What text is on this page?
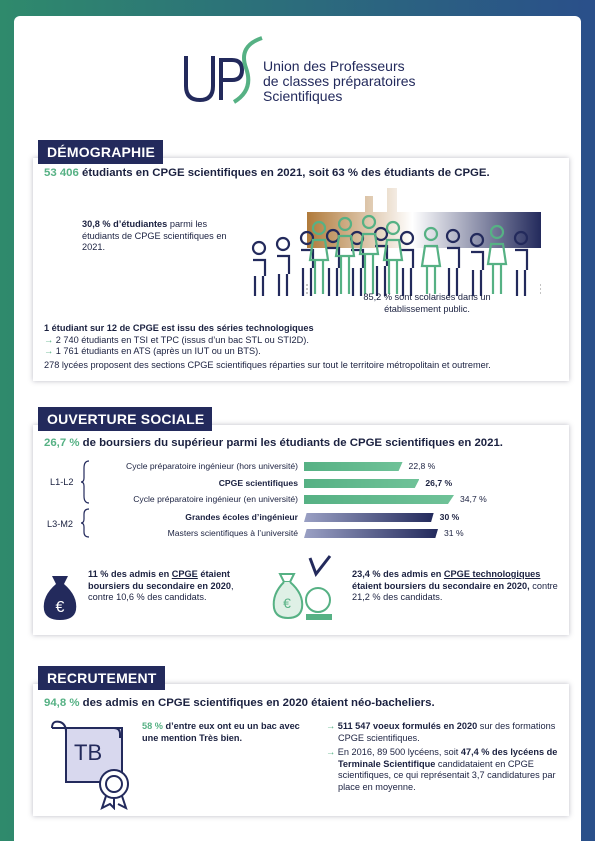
Union des Professeurs
de classes préparatoires
Scientifiques
DÉMOGRAPHIE
53 406 étudiants en CPGE scientifiques en 2021, soit 63 % des étudiants de CPGE.
30,8 % d’étudiantes parmi les étudiants de CPGE scientifiques en 2021.
85,2 % sont scolarisés dans un établissement public.
1 étudiant sur 12 de CPGE est issu des séries technologiques
→ 2 740 étudiants en TSI et TPC (issus d’un bac STL ou STI2D).
→ 1 761 étudiants en ATS (après un IUT ou un BTS).
278 lycées proposent des sections CPGE scientifiques réparties sur tout le territoire métropolitain et outremer.
OUVERTURE SOCIALE
26,7 % de boursiers du supérieur parmi les étudiants de CPGE scientifiques en 2021.
L1-L2
L3-M2
Cycle préparatoire ingénieur (hors université)	22,8 %
CPGE scientifiques	26,7 %
Cycle préparatoire ingénieur (en université)	34,7 %
Grandes écoles d’ingénieur	30 %
Masters scientifiques à l’université	31 %
€
11 % des admis en CPGE étaient boursiers du secondaire en 2020, contre 10,6 % des candidats.	€
23,4 % des admis en CPGE technologiques étaient boursiers du secondaire en 2020, contre 21,2 % des candidats.
RECRUTEMENT
94,8 % des admis en CPGE scientifiques en 2020 étaient néo-bacheliers.
TB
58 % d’entre eux ont eu un bac avec une mention Très bien.
→ 511 547 voeux formulés en 2020 sur des formations CPGE scientifiques.
→ En 2016, 89 500 lycéens, soit 47,4 % des lycéens de Terminale Scientifique candidataient en CPGE scientifiques, ce qui représentait 3,7 candidatures par place en moyenne.
